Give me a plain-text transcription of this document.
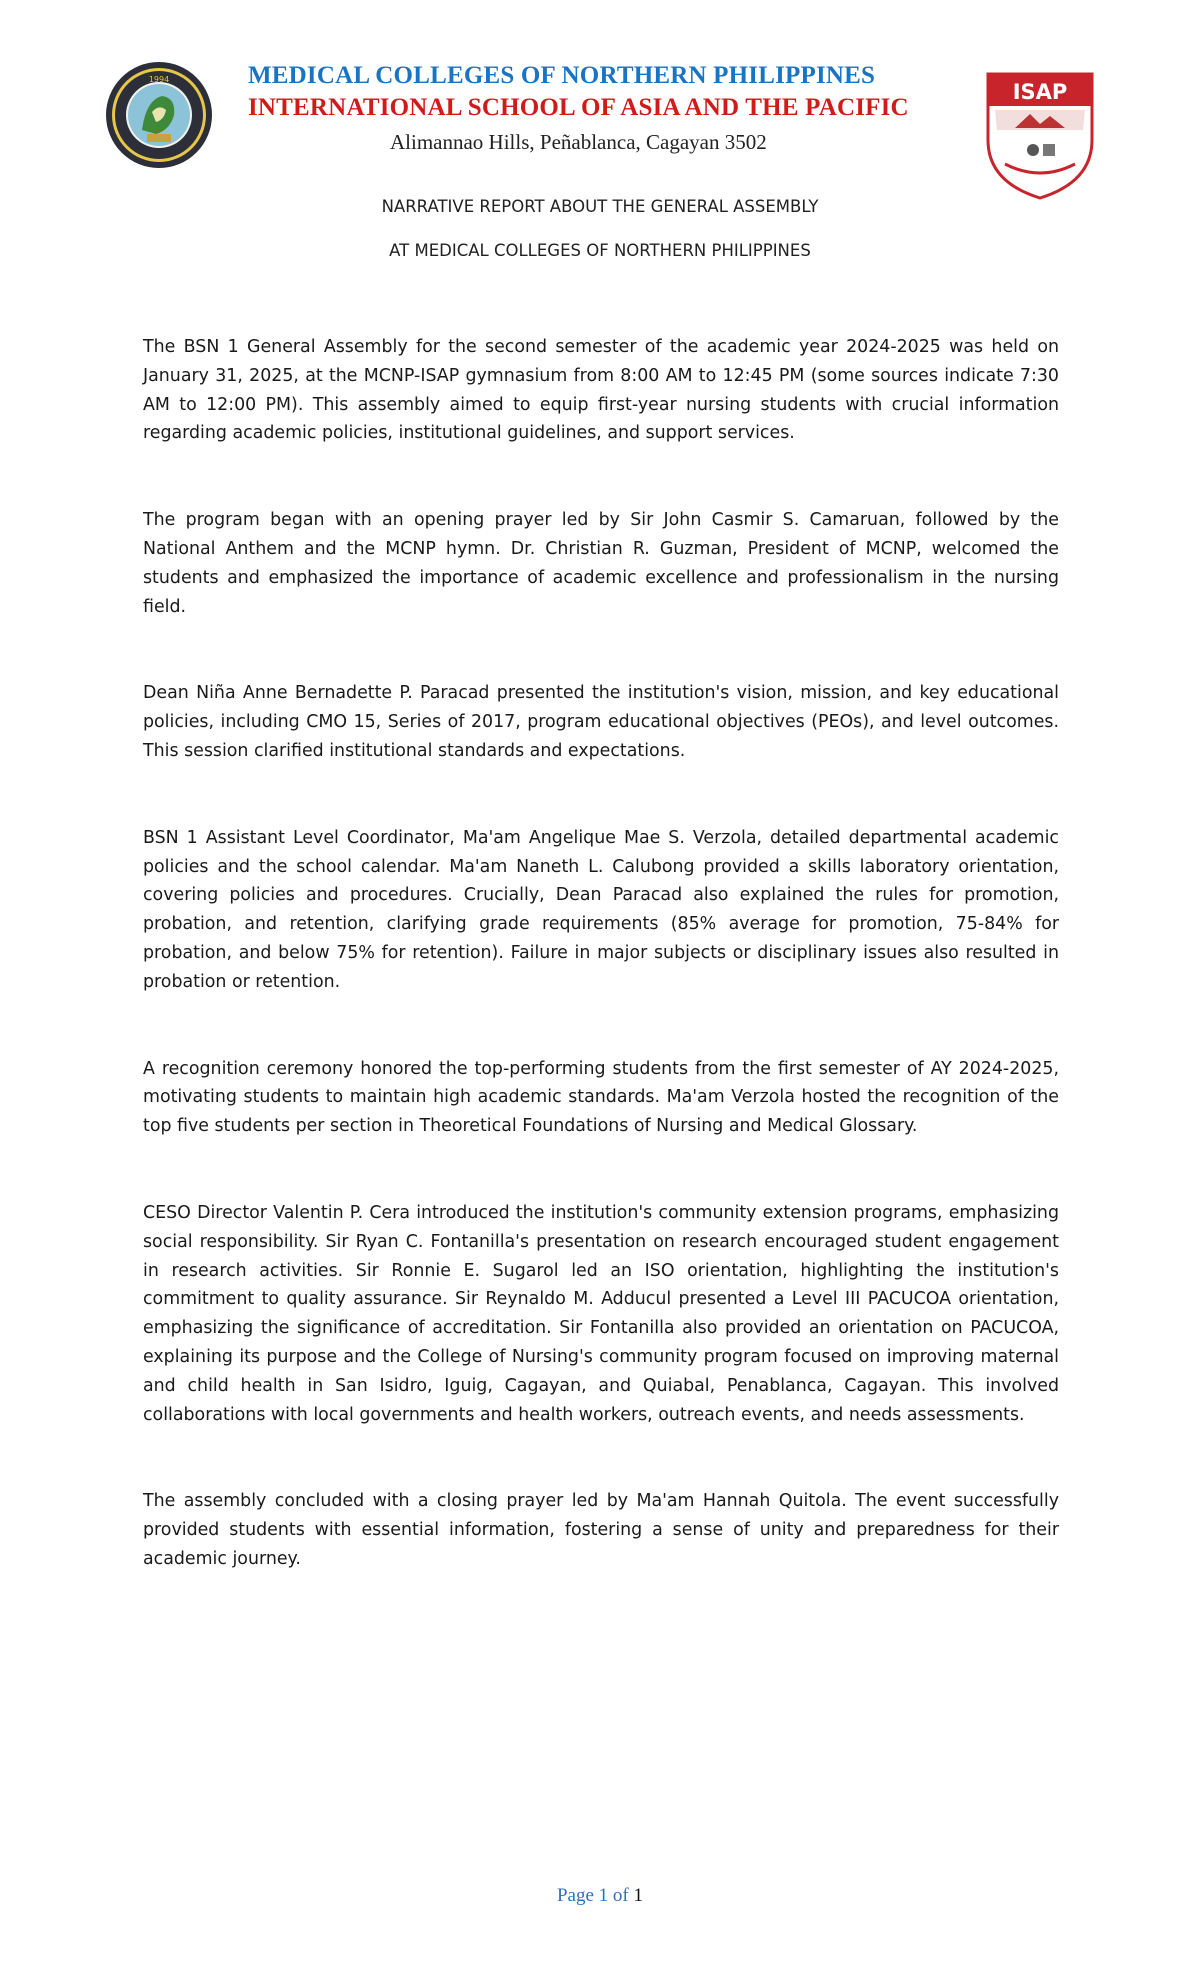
1994	MEDICAL COLLEGES OF NORTHERN PHILIPPINES

INTERNATIONAL SCHOOL OF ASIA AND THE PACIFIC

Alimannao Hills, Peñablanca, Cagayan 3502

ISAP
NARRATIVE REPORT ABOUT THE GENERAL ASSEMBLY
AT MEDICAL COLLEGES OF NORTHERN PHILIPPINES

The BSN 1 General Assembly for the second semester of the academic year 2024-2025 was held on January 31, 2025, at the MCNP-ISAP gymnasium from 8:00 AM to 12:45 PM (some sources indicate 7:30 AM to 12:00 PM). This assembly aimed to equip first-year nursing students with crucial information regarding academic policies, institutional guidelines, and support services.

The program began with an opening prayer led by Sir John Casmir S. Camaruan, followed by the National Anthem and the MCNP hymn. Dr. Christian R. Guzman, President of MCNP, welcomed the students and emphasized the importance of academic excellence and professionalism in the nursing field.

Dean Niña Anne Bernadette P. Paracad presented the institution's vision, mission, and key educational policies, including CMO 15, Series of 2017, program educational objectives (PEOs), and level outcomes. This session clarified institutional standards and expectations.

BSN 1 Assistant Level Coordinator, Ma'am Angelique Mae S. Verzola, detailed departmental academic policies and the school calendar. Ma'am Naneth L. Calubong provided a skills laboratory orientation, covering policies and procedures. Crucially, Dean Paracad also explained the rules for promotion, probation, and retention, clarifying grade requirements (85% average for promotion, 75-84% for probation, and below 75% for retention). Failure in major subjects or disciplinary issues also resulted in probation or retention.

A recognition ceremony honored the top-performing students from the first semester of AY 2024-2025, motivating students to maintain high academic standards. Ma'am Verzola hosted the recognition of the top five students per section in Theoretical Foundations of Nursing and Medical Glossary.

CESO Director Valentin P. Cera introduced the institution's community extension programs, emphasizing social responsibility. Sir Ryan C. Fontanilla's presentation on research encouraged student engagement in research activities. Sir Ronnie E. Sugarol led an ISO orientation, highlighting the institution's commitment to quality assurance. Sir Reynaldo M. Adducul presented a Level III PACUCOA orientation, emphasizing the significance of accreditation. Sir Fontanilla also provided an orientation on PACUCOA, explaining its purpose and the College of Nursing's community program focused on improving maternal and child health in San Isidro, Iguig, Cagayan, and Quiabal, Penablanca, Cagayan. This involved collaborations with local governments and health workers, outreach events, and needs assessments.

The assembly concluded with a closing prayer led by Ma'am Hannah Quitola. The event successfully provided students with essential information, fostering a sense of unity and preparedness for their academic journey.

Page 1 of 1
